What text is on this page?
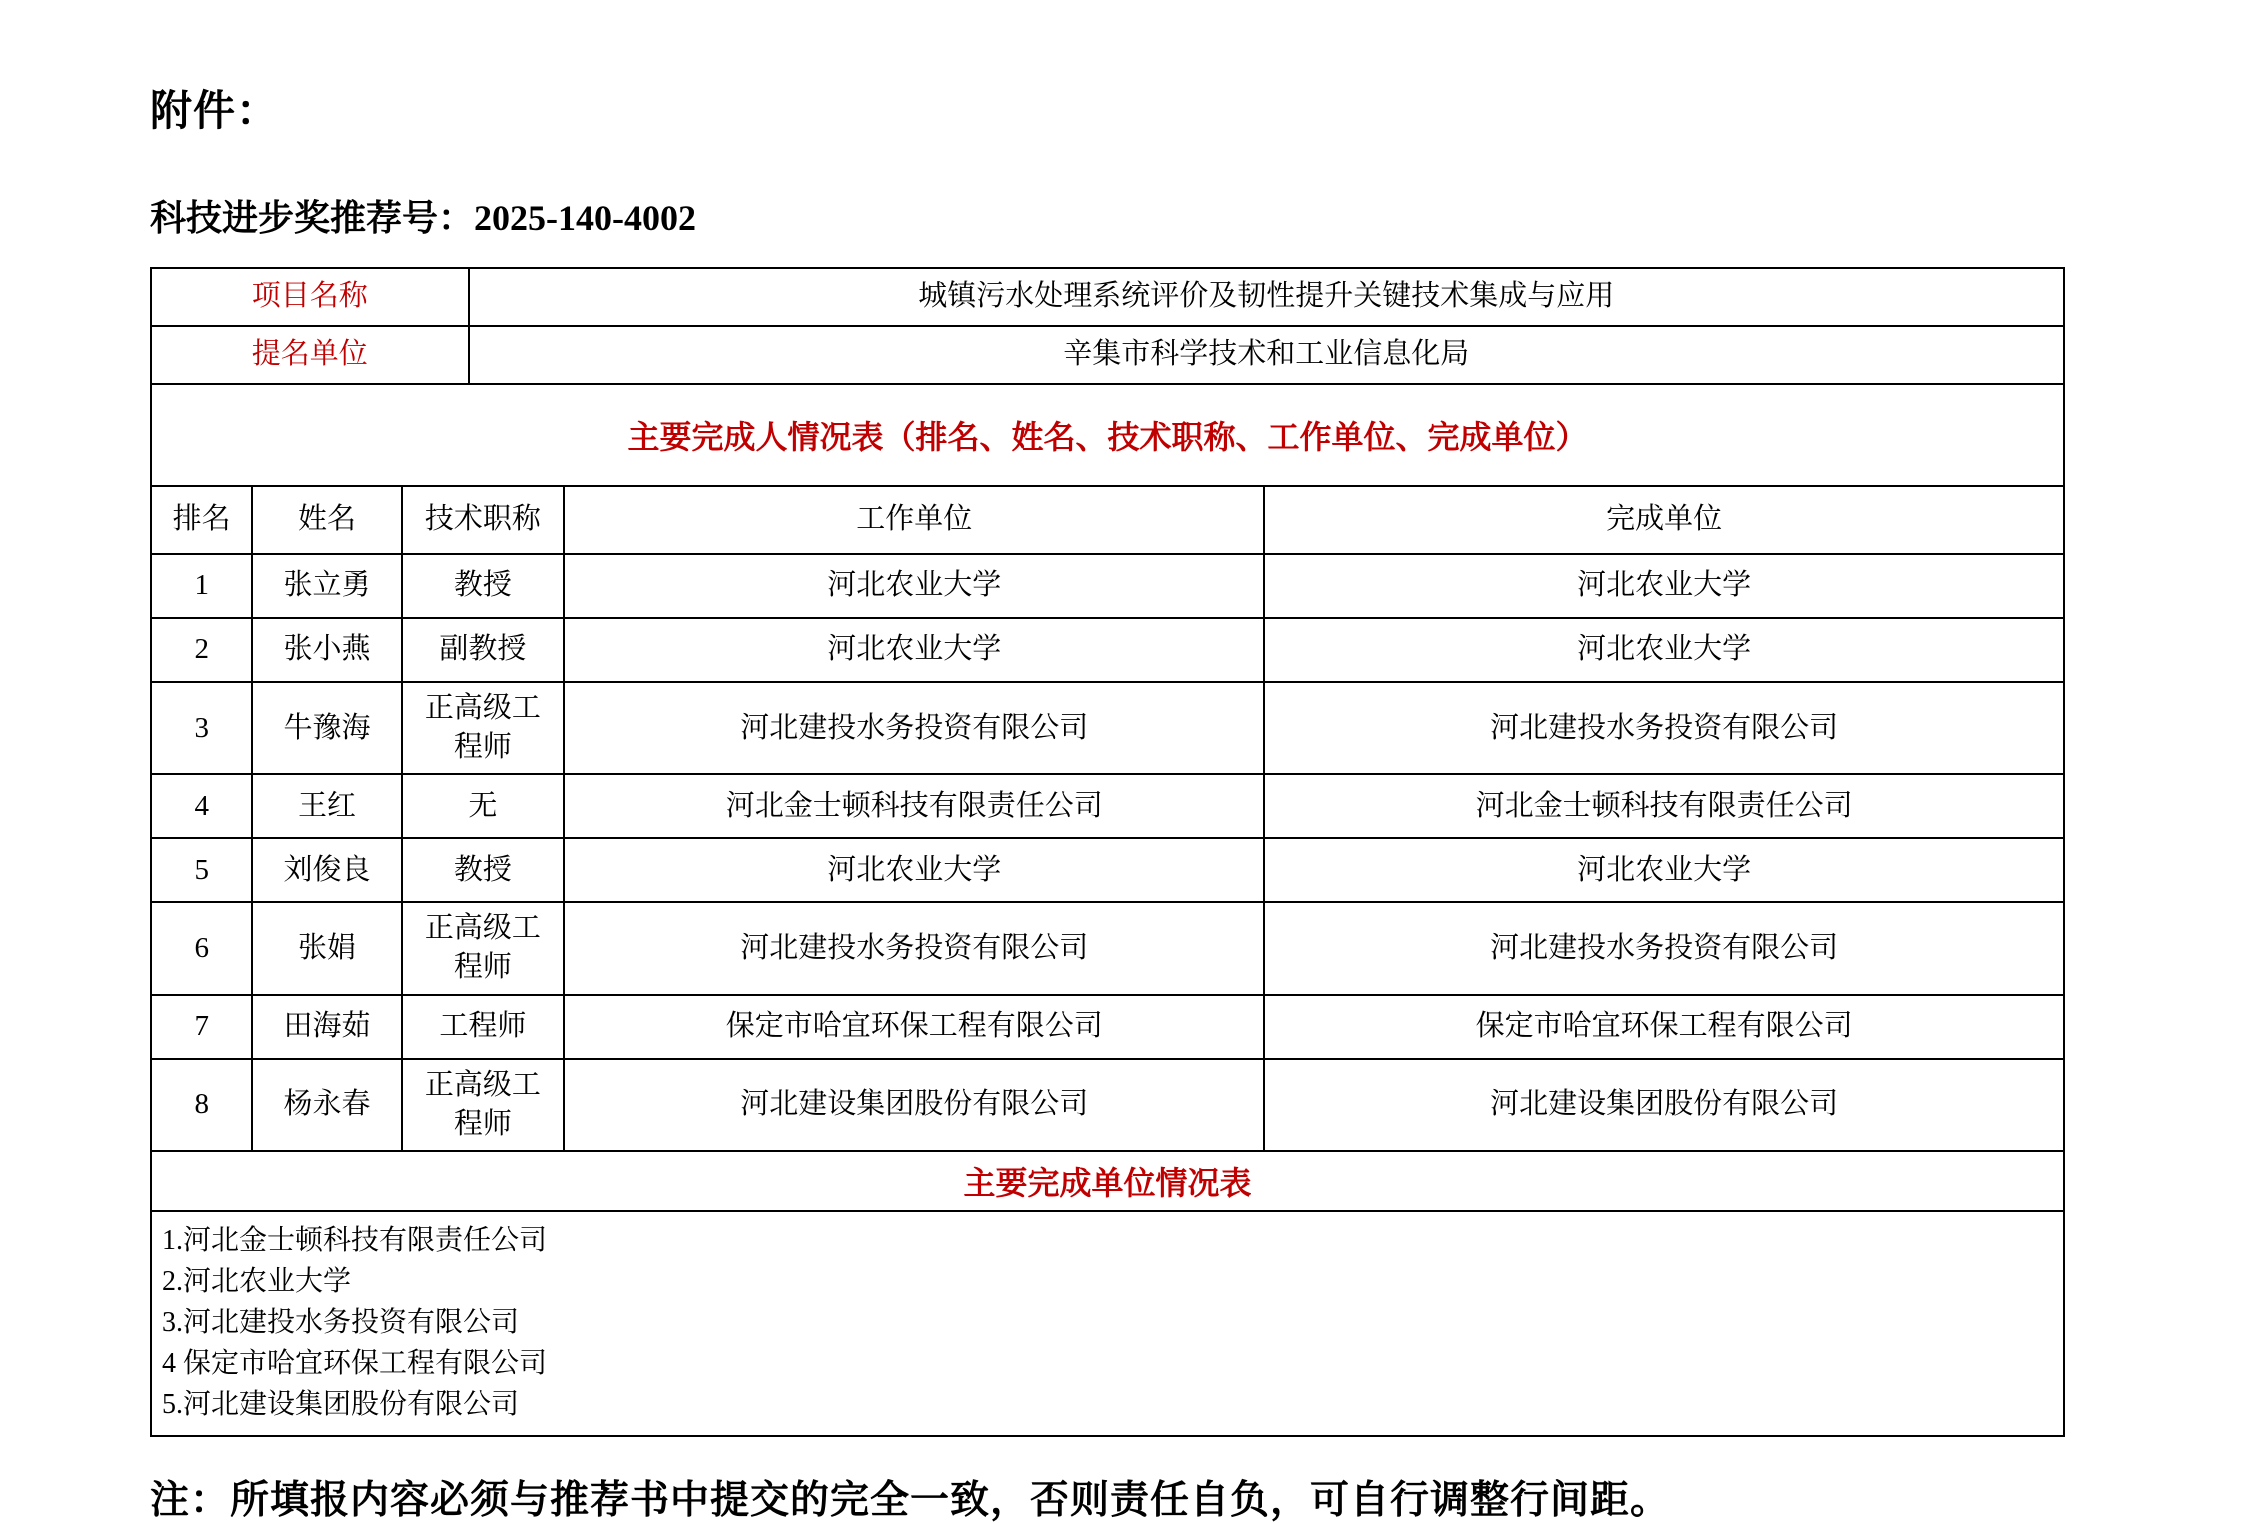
附件：
科技进步奖推荐号：2025-140-4002
项目名称	城镇污水处理系统评价及韧性提升关键技术集成与应用
提名单位	辛集市科学技术和工业信息化局
主要完成人情况表（排名、姓名、技术职称、工作单位、完成单位）
排名	姓名	技术职称	工作单位	完成单位
1	张立勇	教授	河北农业大学	河北农业大学
2	张小燕	副教授	河北农业大学	河北农业大学
3	牛豫海	正高级工程师	河北建投水务投资有限公司	河北建投水务投资有限公司
4	王红	无	河北金士顿科技有限责任公司	河北金士顿科技有限责任公司
5	刘俊良	教授	河北农业大学	河北农业大学
6	张娟	正高级工程师	河北建投水务投资有限公司	河北建投水务投资有限公司
7	田海茹	工程师	保定市哈宜环保工程有限公司	保定市哈宜环保工程有限公司
8	杨永春	正高级工程师	河北建设集团股份有限公司	河北建设集团股份有限公司
主要完成单位情况表
1.河北金士顿科技有限责任公司
2.河北农业大学
3.河北建投水务投资有限公司
4 保定市哈宜环保工程有限公司
5.河北建设集团股份有限公司
注：所填报内容必须与推荐书中提交的完全一致，否则责任自负，可自行调整行间距。
